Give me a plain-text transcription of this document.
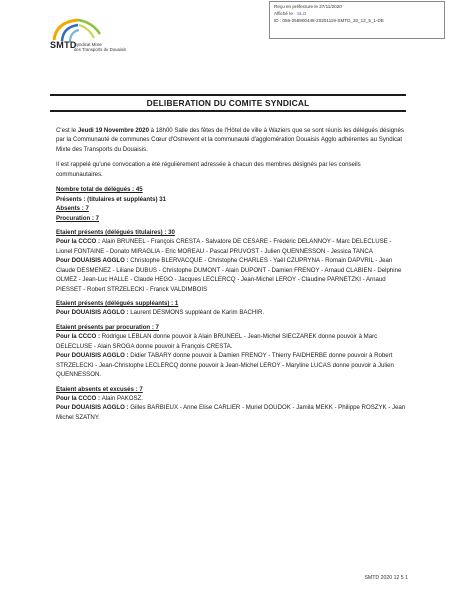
Reçu en préfecture le 27/11/2020
Affiché le SLO
ID : 059-255900448-20201119-SMTD_20_12_5_1-DE
SMTD
Syndicat Mixte
des Transports du Douaisis
DELIBERATION DU COMITE SYNDICAL

C'est le Jeudi 19 Novembre 2020 à 18h00 Salle des fêtes de l'Hôtel de ville à Waziers que se sont réunis les délégués désignés par la Communauté de communes Cœur d'Ostrevent et la communauté d'agglomération Douaisis Agglo adhérentes au Syndicat Mixte des Transports du Douaisis.

Il est rappelé qu'une convocation a été régulièrement adressée à chacun des membres désignés par les conseils communautaires.

Nombre total de délégués : 45

Présents : (titulaires et suppléants) 31

Absents : 7

Procuration : 7

Etaient présents (délégués titulaires) : 30

Pour la CCCO : Alain BRUNEEL - François CRESTA - Salvatore DE CESARE - Frédéric DELANNOY - Marc DELECLUSE - Lionel FONTAINE - Donato MIRAGLIA - Eric MOREAU - Pascal PRUVOST - Julien QUENNESSON - Jessica TANCA

Pour DOUAISIS AGGLO : Christophe BLERVACQUE - Christophe CHARLES - Yaël CZUPRYNA - Romain DAPVRIL - Jean Claude DESMENEZ - Liliane DUBUS - Christophe DUMONT - Alain DUPONT - Damien FRENOY - Arnaud CLABIEN - Delphine OLMEZ - Jean-Luc HALLE - Claude HEGO - Jacques LECLERCQ - Jean-Michel LEROY - Claudine PARNETZKI - Arnaud PIESSET - Robert STRZELECKI - Franck VALDIMBOIS

Etaient présents (délégués suppléants) : 1

Pour DOUAISIS AGGLO : Laurent DESMONS suppléant de Karim BACHIR.

Etaient présents par procuration : 7

Pour la CCCO : Rodrigue LEBLAN donne pouvoir à Alain BRUNEEL - Jean-Michel SIECZAREK donne pouvoir à Marc DELECLUSE - Alain SROGA donne pouvoir à François CRESTA.

Pour DOUAISIS AGGLO : Didier TABARY donne pouvoir à Damien FRENOY - Thierry FAIDHERBE donne pouvoir à Robert STRZELECKI - Jean-Christophe LECLERCQ donne pouvoir à Jean-Michel LEROY - Maryline LUCAS donne pouvoir à Julien QUENNESSON.

Etaient absents et excusés : 7

Pour la CCCO : Alain PAKOSZ.

Pour DOUAISIS AGGLO : Gilles BARBIEUX - Anne Elise CARLIER - Muriel DOUDOK - Jamila MEKK - Philippe ROSZYK - Jean Michel SZATNY.

SMTD 2020 12 5 1
